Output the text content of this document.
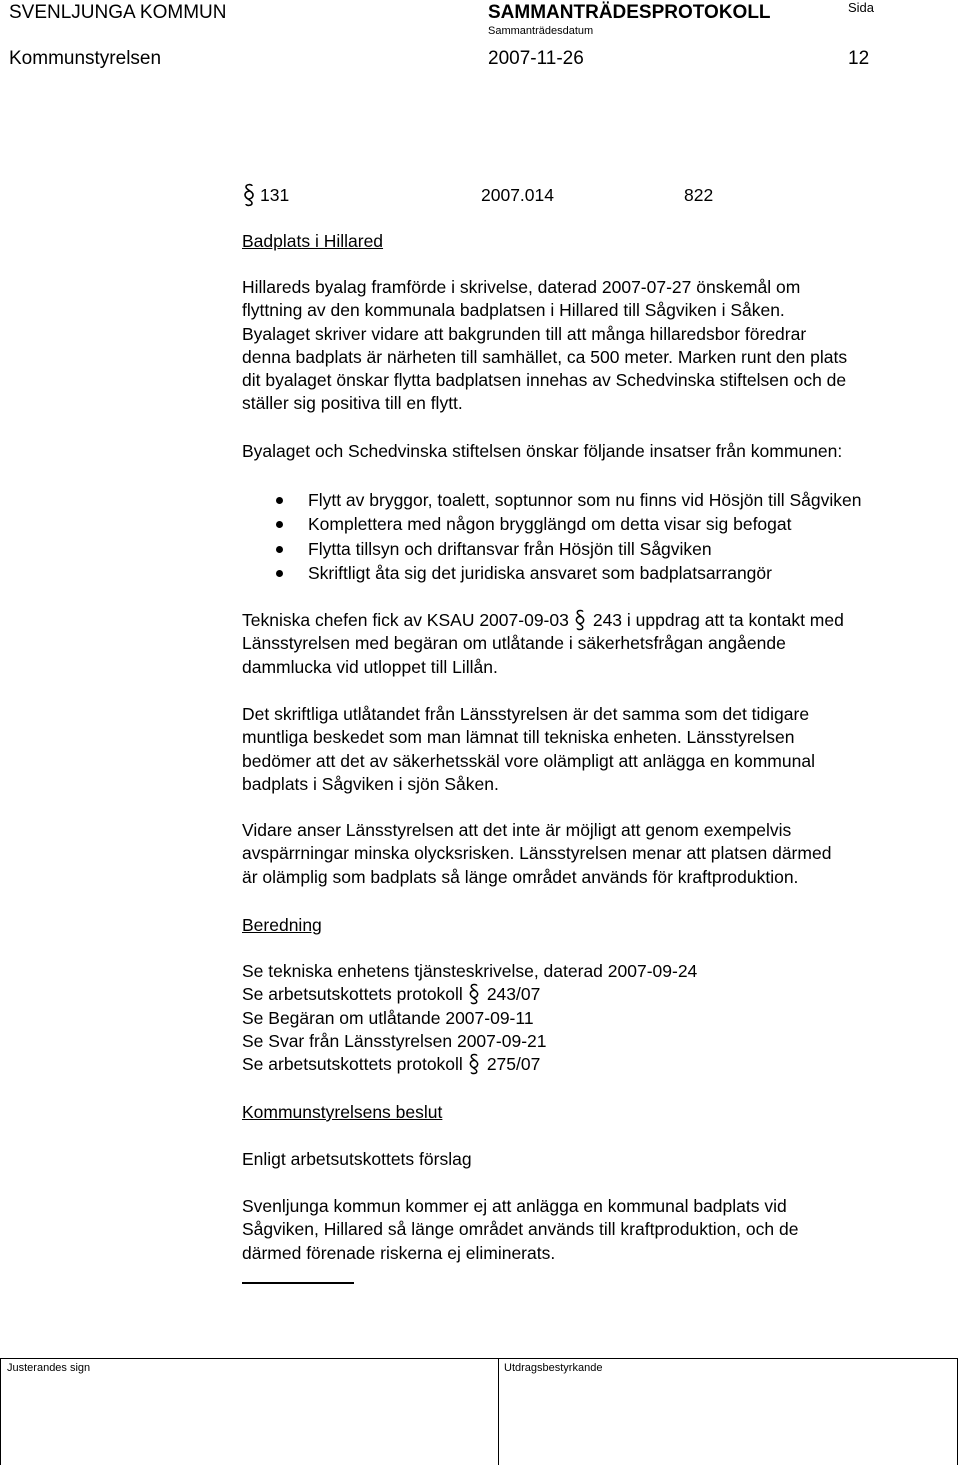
SVENLJUNGA KOMMUN	SAMMANTRÄDESPROTOKOLL
Sammanträdesdatum
Sida
Kommunstyrelsen	2007-11-26	12
131	2007.014	822
Badplats i Hillared
Hillareds byalag framförde i skrivelse, daterad 2007-07-27 önskemål om
flyttning av den kommunala badplatsen i Hillared till Sågviken i Såken.
Byalaget skriver vidare att bakgrunden till att många hillaredsbor föredrar
denna badplats är närheten till samhället, ca 500 meter. Marken runt den plats
dit byalaget önskar flytta badplatsen innehas av Schedvinska stiftelsen och de
ställer sig positiva till en flytt.
Byalaget och Schedvinska stiftelsen önskar följande insatser från kommunen:
Flytt av bryggor, toalett, soptunnor som nu finns vid Hösjön till Sågviken
Komplettera med någon brygglängd om detta visar sig befogat
Flytta tillsyn och driftansvar från Hösjön till Sågviken
Skriftligt åta sig det juridiska ansvaret som badplatsarrangör
Tekniska chefen fick av KSAU 2007-09-03 243 i uppdrag att ta kontakt med
Länsstyrelsen med begäran om utlåtande i säkerhetsfrågan angående
dammlucka vid utloppet till Lillån.
Det skriftliga utlåtandet från Länsstyrelsen är det samma som det tidigare
muntliga beskedet som man lämnat till tekniska enheten. Länsstyrelsen
bedömer att det av säkerhetsskäl vore olämpligt att anlägga en kommunal
badplats i Sågviken i sjön Såken.
Vidare anser Länsstyrelsen att det inte är möjligt att genom exempelvis
avspärrningar minska olycksrisken. Länsstyrelsen menar att platsen därmed
är olämplig som badplats så länge området används för kraftproduktion.
Beredning
Se tekniska enhetens tjänsteskrivelse, daterad 2007-09-24
Se arbetsutskottets protokoll 243/07
Se Begäran om utlåtande 2007-09-11
Se Svar från Länsstyrelsen 2007-09-21
Se arbetsutskottets protokoll 275/07
Kommunstyrelsens beslut
Enligt arbetsutskottets förslag
Svenljunga kommun kommer ej att anlägga en kommunal badplats vid
Sågviken, Hillared så länge området används till kraftproduktion, och de
därmed förenade riskerna ej eliminerats.
Justerandes sign	Utdragsbestyrkande
